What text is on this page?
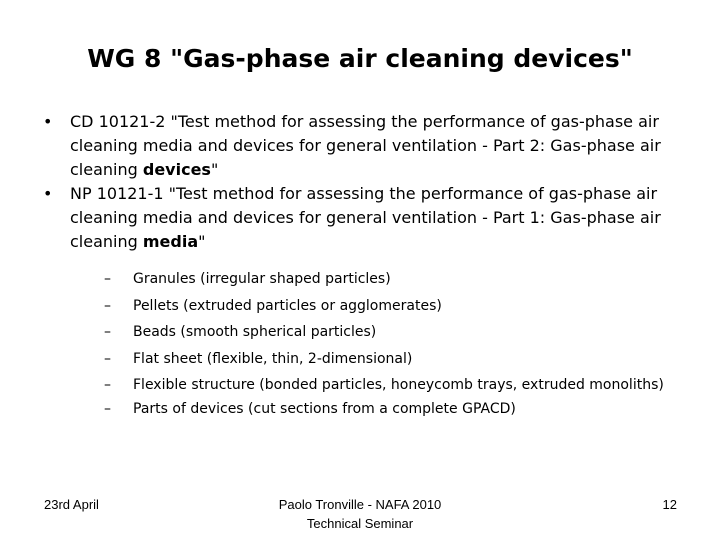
WG 8 "Gas-phase air cleaning devices"
• CD 10121-2 "Test method for assessing the performance of gas-phase air cleaning media and devices for general ventilation - Part 2: Gas-phase air cleaning devices"
• NP 10121-1 "Test method for assessing the performance of gas-phase air cleaning media and devices for general ventilation - Part 1: Gas-phase air cleaning media"
–	Granules (irregular shaped particles)
–	Pellets (extruded particles or agglomerates)
–	Beads (smooth spherical particles)
–	Flat sheet (flexible, thin, 2-dimensional)
–	Flexible structure (bonded particles, honeycomb trays, extruded monoliths)
–	Parts of devices (cut sections from a complete GPACD)
23rd April	Paolo Tronville - NAFA 2010
Technical Seminar
12
